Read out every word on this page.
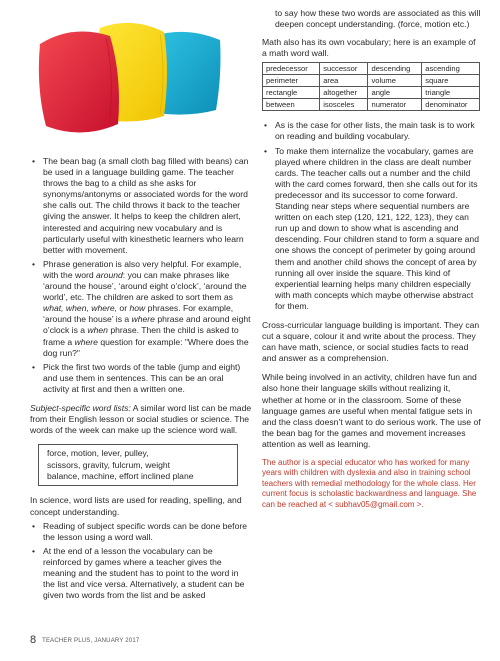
• The bean bag (a small cloth bag filled with beans) can be used in a language building game. The teacher throws the bag to a child as she asks for synonyms/antonyms or associated words for the word she calls out. The child throws it back to the teacher giving the answer. It helps to keep the children alert, interested and acquiring new vocabulary and is particularly useful with kinesthetic learners who learn better with movement.
• Phrase generation is also very helpful. For example, with the word around: you can make phrases like ‘around the house’, ‘around eight o’clock’, ‘around the world’, etc. The children are asked to sort them as what, when, where, or how phrases. For example, ‘around the house’ is a where phrase and around eight o’clock is a when phrase. Then the child is asked to frame a where question for example: "Where does the dog run?"
• Pick the first two words of the table (jump and eight) and use them in sentences. This can be an oral activity at first and then a written one.

Subject-specific word lists: A similar word list can be made from their English lesson or social studies or science. The words of the week can make up the science word wall.

force, motion, lever, pulley,
scissors, gravity, fulcrum, weight
balance, machine, effort inclined plane

In science, word lists are used for reading, spelling, and concept understanding.

• Reading of subject specific words can be done before the lesson using a word wall.
• At the end of a lesson the vocabulary can be reinforced by games where a teacher gives the meaning and the student has to point to the word in the list and vice versa. Alternatively, a student can be given two words from the list and be asked

to say how these two words are associated as this will deepen concept understanding. (force, motion etc.)

Math also has its own vocabulary; here is an example of a math word wall.

predecessor	successor	descending	ascending
perimeter	area	volume	square
rectangle	altogether	angle	triangle
between	isosceles	numerator	denominator
• As is the case for other lists, the main task is to work on reading and building vocabulary.
• To make them internalize the vocabulary, games are played where children in the class are dealt number cards. The teacher calls out a number and the child with the card comes forward, then she calls out for its predecessor and its successor to come forward. Standing near steps where sequential numbers are written on each step (120, 121, 122, 123), they can run up and down to show what is ascending and descending. Four children stand to form a square and one shows the concept of perimeter by going around them and another child shows the concept of area by running all over inside the square. This kind of experiential learning helps many children especially with math concepts which maybe otherwise abstract for them.

Cross-curricular language building is important. They can cut a square, colour it and write about the process. They can have math, science, or social studies facts to read and answer as a comprehension.

While being involved in an activity, children have fun and also hone their language skills without realizing it, whether at home or in the classroom. Some of these language games are useful when mental fatigue sets in and the class doesn’t want to do serious work. The use of the bean bag for the games and movement increases attention as well as learning.

The author is a special educator who has worked for many years with children with dyslexia and also in training school teachers with remedial methodology for the whole class. Her current focus is scholastic backwardness and language. She can be reached at < subhav05@gmail.com >.

8 TEACHER PLUS, JANUARY 2017
